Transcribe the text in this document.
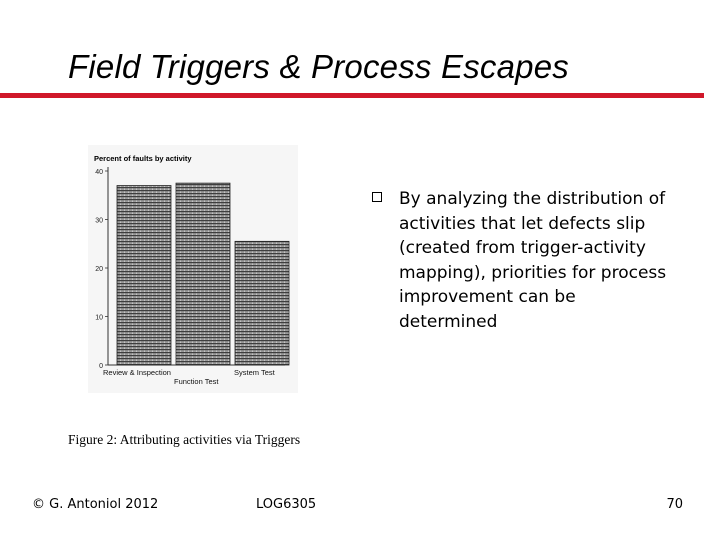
Field Triggers & Process Escapes
Percent of faults by activity
0
10
20
30
40
Review & Inspection
Function Test
System Test

Figure 2: Attributing activities via Triggers

By analyzing the distribution of activities that let defects slip (created from trigger-activity mapping), priorities for process improvement can be determined

© G. Antoniol 2012	LOG6305	70
